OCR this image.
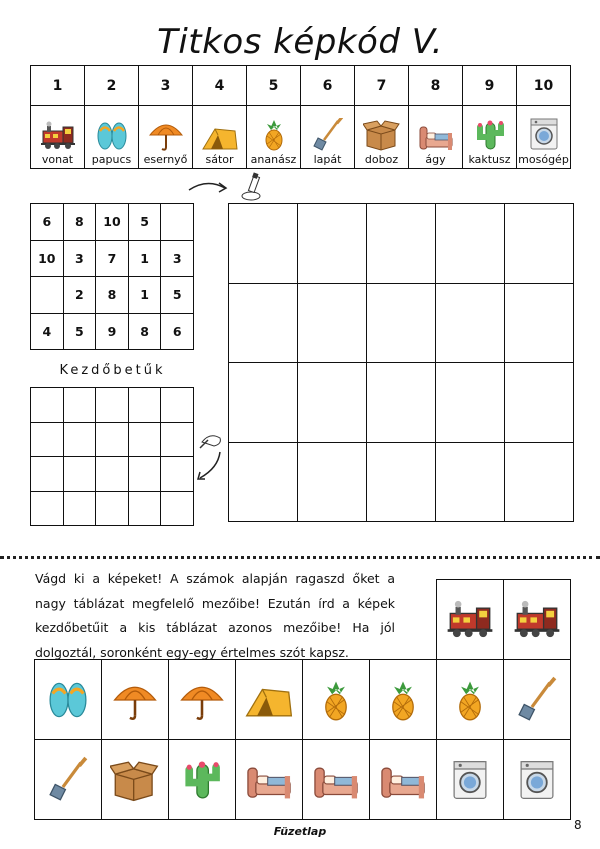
Titkos képkód V.
1	2	3	4	5	6	7	8	9	10

vonat	papucs	esernyő	sátor	ananász	lapát	doboz	ágy	kaktusz	mosógép
6	8	10	5	
10	3	7	1	3
	2	8	1	5
4	5	9	8	6
Kezdőbetűk

Vágd ki a képeket! A számok alapján ragaszd őket a nagy táblázat megfelelő mezőibe! Ezután írd a képek kezdőbetűit a kis táblázat azonos mezőibe! Ha jól dolgoztál, soronként egy-egy értelmes szót kapsz.

Füzetlap	8
